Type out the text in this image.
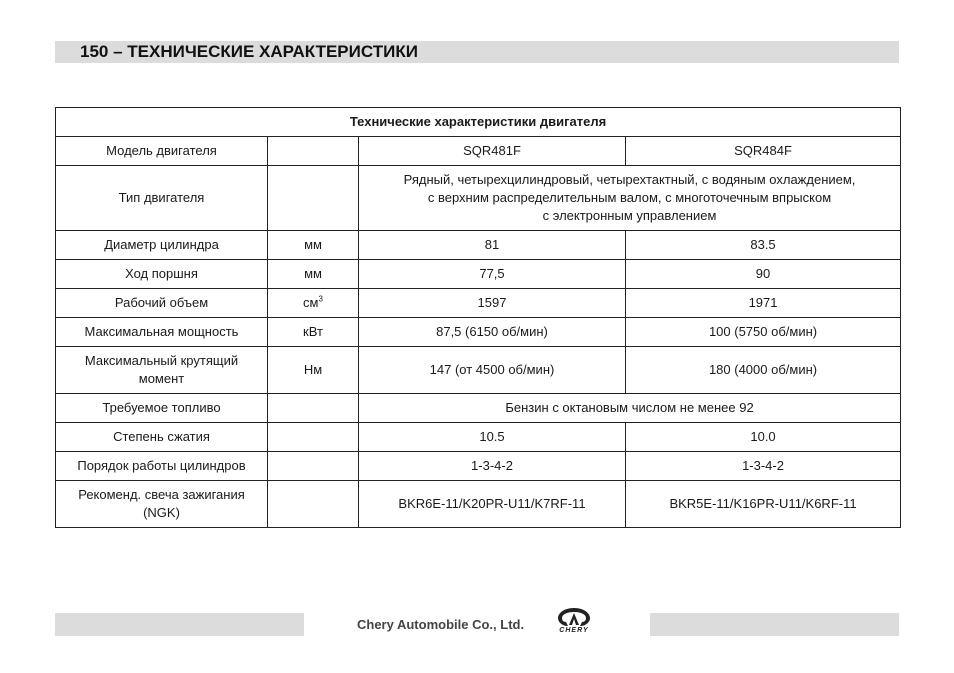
150 – ТЕХНИЧЕСКИЕ ХАРАКТЕРИСТИКИ
Технические характеристики двигателя			
Модель двигателя		SQR481F	SQR484F
Тип двигателя		Рядный, четырехцилиндровый, четырехтактный, с водяным охлаждением,
с верхним распределительным валом, с многоточечным впрыском
с электронным управлением	

Диаметр цилиндра	мм	81	83.5
Ход поршня	мм	77,5	90
Рабочий объем	$см^3$	1597	1971
Максимальная мощность	кВт	87,5 (6150 об/мин)	100 (5750 об/мин)

Максимальный крутящий
момент	Нм	147 (от 4500 об/мин)	180 (4000 об/мин)
Требуемое топливо		Бензин с октановым числом не менее 92	
Степень сжатия		10.5	10.0
Порядок работы цилиндров		1-3-4-2	1-3-4-2

Рекоменд. свеча зажигания
(NGK)		BKR6E-11/K20PR-U11/K7RF-11	BKR5E-11/K16PR-U11/K6RF-11
Chery Automobile Co., Ltd.	CHERY
